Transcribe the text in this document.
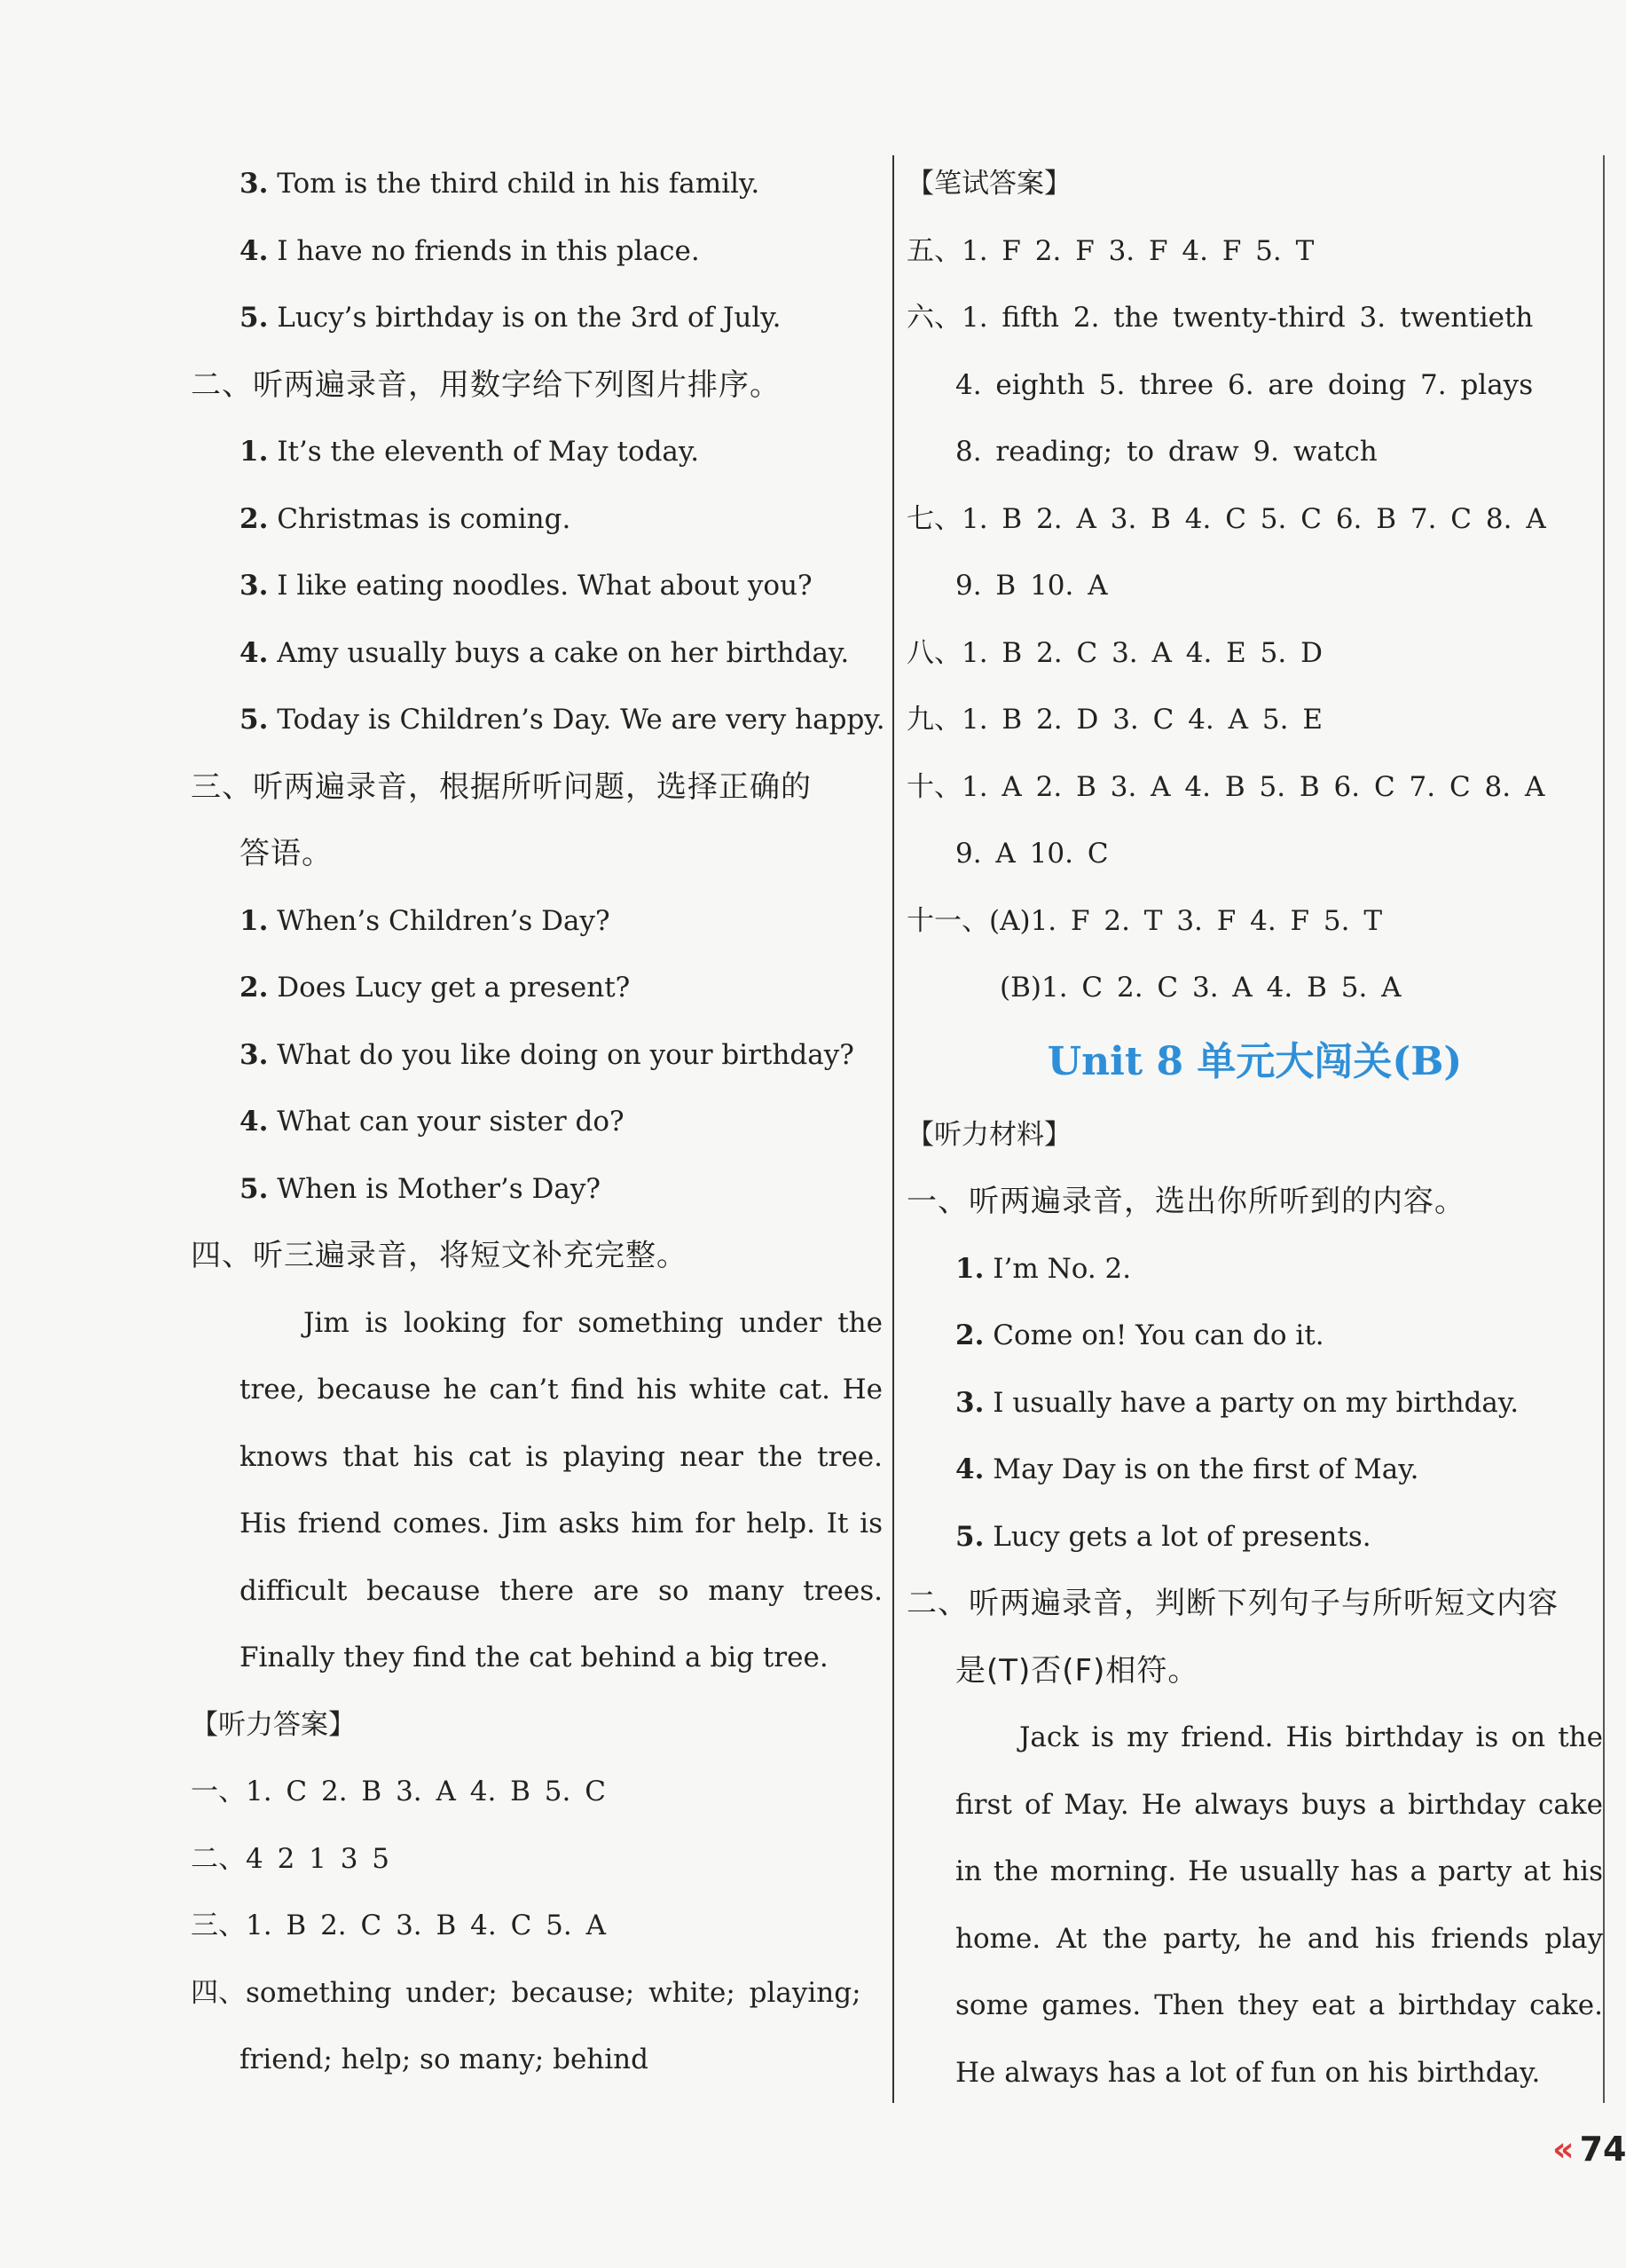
3. Tom is the third child in his family.
4. I have no friends in this place.
5. Lucy’s birthday is on the 3rd of July.
二、听两遍录音，用数字给下列图片排序。
1. It’s the eleventh of May today.
2. Christmas is coming.
3. I like eating noodles. What about you?
4. Amy usually buys a cake on her birthday.
5. Today is Children’s Day. We are very happy.
三、听两遍录音，根据所听问题，选择正确的
答语。
1. When’s Children’s Day?
2. Does Lucy get a present?
3. What do you like doing on your birthday?
4. What can your sister do?
5. When is Mother’s Day?
四、听三遍录音，将短文补充完整。

Jim is looking for something under the tree, because he can’t find his white cat. He knows that his cat is playing near the tree. His friend comes. Jim asks him for help. It is difficult because there are so many trees. Finally they find the cat behind a big tree.

【听力答案】
一、1. C 2. B 3. A 4. B 5. C
二、4 2 1 3 5
三、1. B 2. C 3. B 4. C 5. A
四、something under; because; white; playing;
friend; help; so many; behind
【笔试答案】
五、1. F 2. F 3. F 4. F 5. T
六、1. fifth 2. the twenty-third 3. twentieth
4. eighth 5. three 6. are doing 7. plays
8. reading; to draw 9. watch
七、1. B 2. A 3. B 4. C 5. C 6. B 7. C 8. A
9. B 10. A
八、1. B 2. C 3. A 4. E 5. D
九、1. B 2. D 3. C 4. A 5. E
十、1. A 2. B 3. A 4. B 5. B 6. C 7. C 8. A
9. A 10. C
十一、(A)1. F 2. T 3. F 4. F 5. T
(B)1. C 2. C 3. A 4. B 5. A
Unit 8 单元大闯关(B)
【听力材料】
一、听两遍录音，选出你所听到的内容。
1. I’m No. 2.
2. Come on! You can do it.
3. I usually have a party on my birthday.
4. May Day is on the first of May.
5. Lucy gets a lot of presents.
二、听两遍录音，判断下列句子与所听短文内容
是(T)否(F)相符。

Jack is my friend. His birthday is on the first of May. He always buys a birthday cake in the morning. He usually has a party at his home. At the party, he and his friends play some games. Then they eat a birthday cake. He always has a lot of fun on his birthday.

« 74
